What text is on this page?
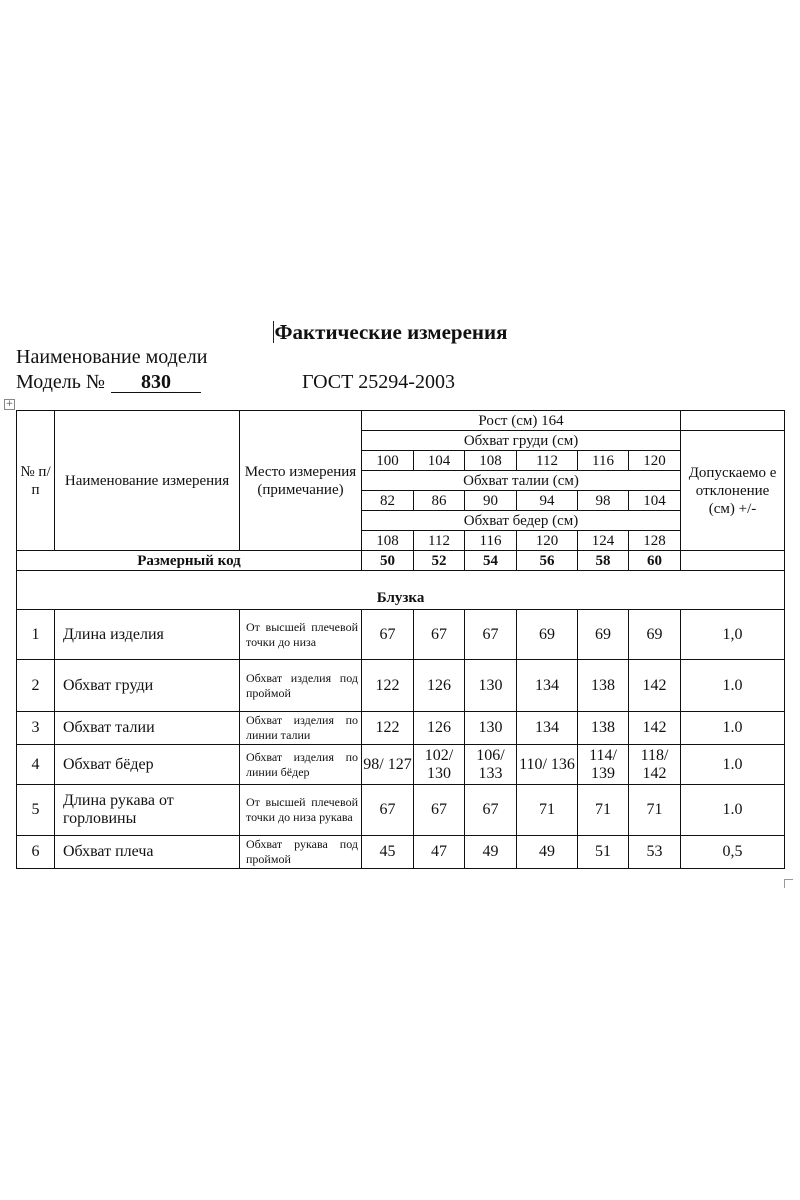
Фактические измерения
Наименование модели
Модель № 830	ГОСТ 25294-2003
+
№ п/ п	Наименование измерения	Место измерения (примечание)	Рост (см) 164						
			Обхват груди (см)						Допускаемо е отклонение (см) +/-
			100	104	108	112	116	120	
			Обхват талии (см)						
			82	86	90	94	98	104	
			Обхват бедер (см)						
			108	112	116	120	124	128	
Размерный код			50	52	54	56	58	60	
Блузка									
1	Длина изделия	От высшей плечевой точки до низа	67	67	67	69	69	69	1,0
2	Обхват груди	Обхват изделия под проймой	122	126	130	134	138	142	1.0
3	Обхват талии	Обхват изделия по линии талии	122	126	130	134	138	142	1.0
4	Обхват бёдер	Обхват изделия по линии бёдер	98/ 127	102/ 130	106/ 133	110/ 136	114/ 139	118/ 142	1.0
5	Длина рукава от горловины	От высшей плечевой точки до низа рукава	67	67	67	71	71	71	1.0
6	Обхват плеча	Обхват рукава под проймой	45	47	49	49	51	53	0,5
